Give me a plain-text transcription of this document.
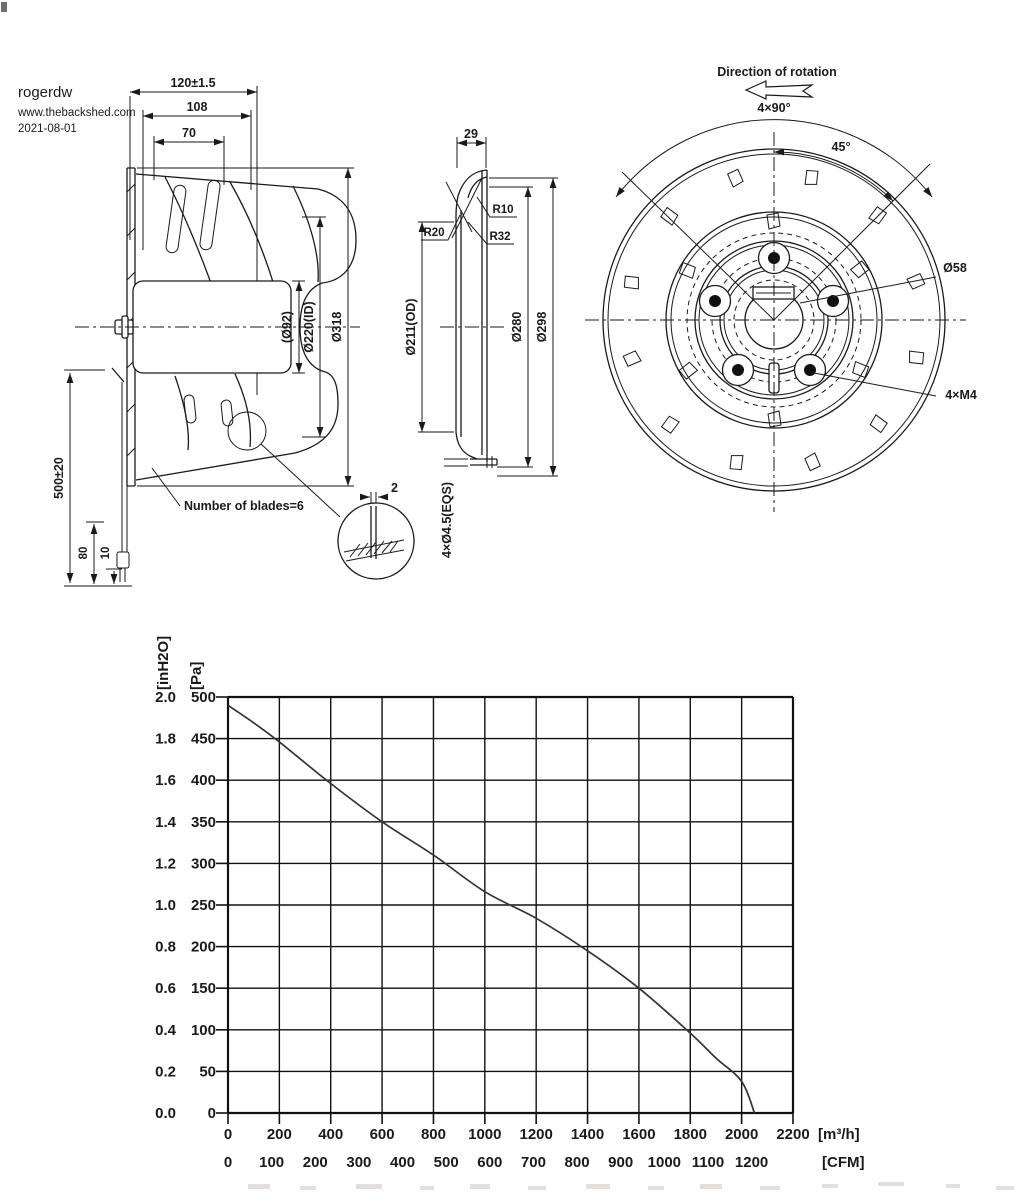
rogerdw
www.thebackshed.com
2021-08-01
120±1.5
108
70
500±20
80 10
(Ø92) Ø220(ID) Ø318
Number of blades=6
2
29
R20
R10
R32
Ø211(OD)	Ø280 Ø298
4×Ø4.5(EQS)
Direction of rotation
4×90°
45°
Ø58
4×M4
0.0
0.2
0.4
0.6
0.8
1.0
1.2
1.4
1.6
1.8
2.0
0
50
100
150
200
250
300
350
400
450
500
0 200 400 600 800 1000 1200 1400 1600 1800 2000 2200
0 100 200 300 400 500 600 700 800 900 1000 1100 1200
[inH2O] [Pa]
[m³/h]
[CFM]
